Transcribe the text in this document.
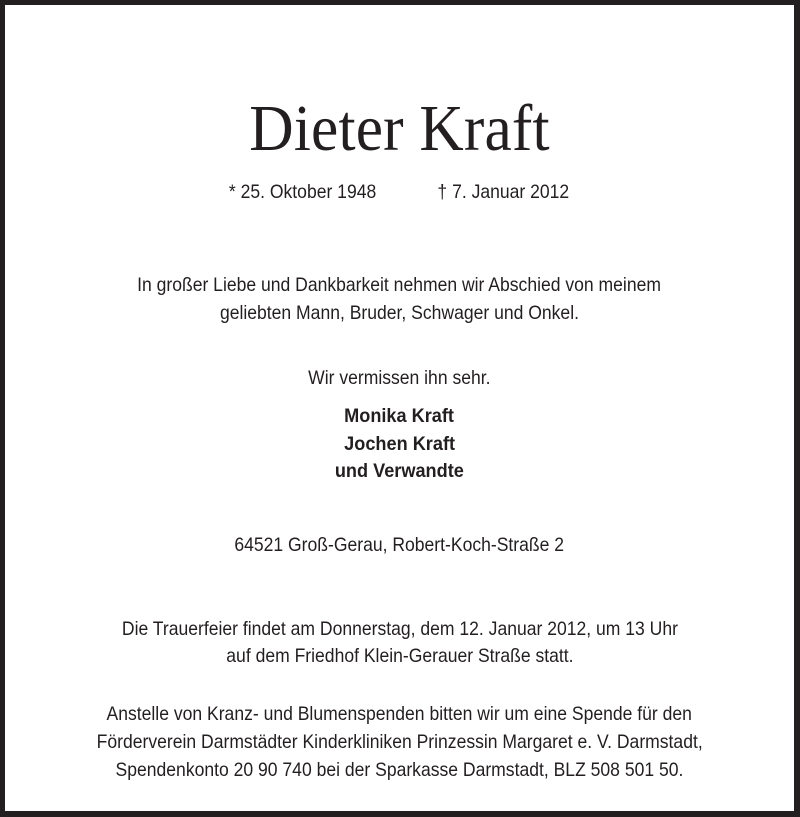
Dieter Kraft
* 25. Oktober 1948	† 7. Januar 2012
In großer Liebe und Dankbarkeit nehmen wir Abschied von meinem
geliebten Mann, Bruder, Schwager und Onkel.
Wir vermissen ihn sehr.
Monika Kraft
Jochen Kraft
und Verwandte
64521 Groß-Gerau, Robert-Koch-Straße 2
Die Trauerfeier findet am Donnerstag, dem 12. Januar 2012, um 13 Uhr
auf dem Friedhof Klein-Gerauer Straße statt.
Anstelle von Kranz- und Blumenspenden bitten wir um eine Spende für den
Förderverein Darmstädter Kinderkliniken Prinzessin Margaret e. V. Darmstadt,
Spendenkonto 20 90 740 bei der Sparkasse Darmstadt, BLZ 508 501 50.
